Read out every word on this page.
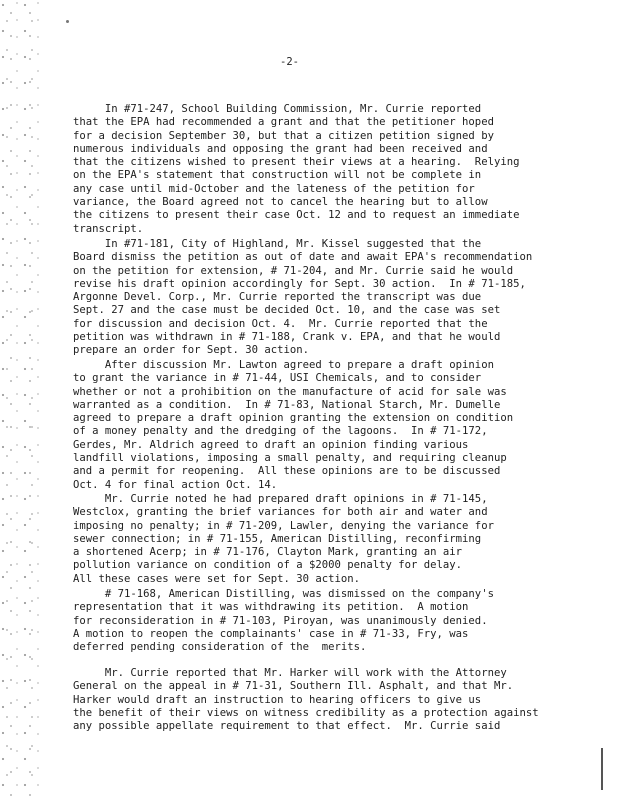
-2-
In #71-247, School Building Commission, Mr. Currie reported
that the EPA had recommended a grant and that the petitioner hoped
for a decision September 30, but that a citizen petition signed by
numerous individuals and opposing the grant had been received and
that the citizens wished to present their views at a hearing.  Relying
on the EPA's statement that construction will not be complete in
any case until mid-October and the lateness of the petition for
variance, the Board agreed not to cancel the hearing but to allow
the citizens to present their case Oct. 12 and to request an immediate
transcript.
In #71-181, City of Highland, Mr. Kissel suggested that the
Board dismiss the petition as out of date and await EPA's recommendation
on the petition for extension, # 71-204, and Mr. Currie said he would
revise his draft opinion accordingly for Sept. 30 action.  In # 71-185,
Argonne Devel. Corp., Mr. Currie reported the transcript was due
Sept. 27 and the case must be decided Oct. 10, and the case was set
for discussion and decision Oct. 4.  Mr. Currie reported that the
petition was withdrawn in # 71-188, Crank v. EPA, and that he would
prepare an order for Sept. 30 action.
After discussion Mr. Lawton agreed to prepare a draft opinion
to grant the variance in # 71-44, USI Chemicals, and to consider
whether or not a prohibition on the manufacture of acid for sale was
warranted as a condition.  In # 71-83, National Starch, Mr. Dumelle
agreed to prepare a draft opinion granting the extension on condition
of a money penalty and the dredging of the lagoons.  In # 71-172,
Gerdes, Mr. Aldrich agreed to draft an opinion finding various
landfill violations, imposing a small penalty, and requiring cleanup
and a permit for reopening.  All these opinions are to be discussed
Oct. 4 for final action Oct. 14.
Mr. Currie noted he had prepared draft opinions in # 71-145,
Westclox, granting the brief variances for both air and water and
imposing no penalty; in # 71-209, Lawler, denying the variance for
sewer connection; in # 71-155, American Distilling, reconfirming
a shortened Acerp; in # 71-176, Clayton Mark, granting an air
pollution variance on condition of a $2000 penalty for delay.
All these cases were set for Sept. 30 action.
# 71-168, American Distilling, was dismissed on the company's
representation that it was withdrawing its petition.  A motion
for reconsideration in # 71-103, Piroyan, was unanimously denied.
A motion to reopen the complainants' case in # 71-33, Fry, was
deferred pending consideration of the  merits.
Mr. Currie reported that Mr. Harker will work with the Attorney
General on the appeal in # 71-31, Southern Ill. Asphalt, and that Mr.
Harker would draft an instruction to hearing officers to give us
the benefit of their views on witness credibility as a protection against
any possible appellate requirement to that effect.  Mr. Currie said
